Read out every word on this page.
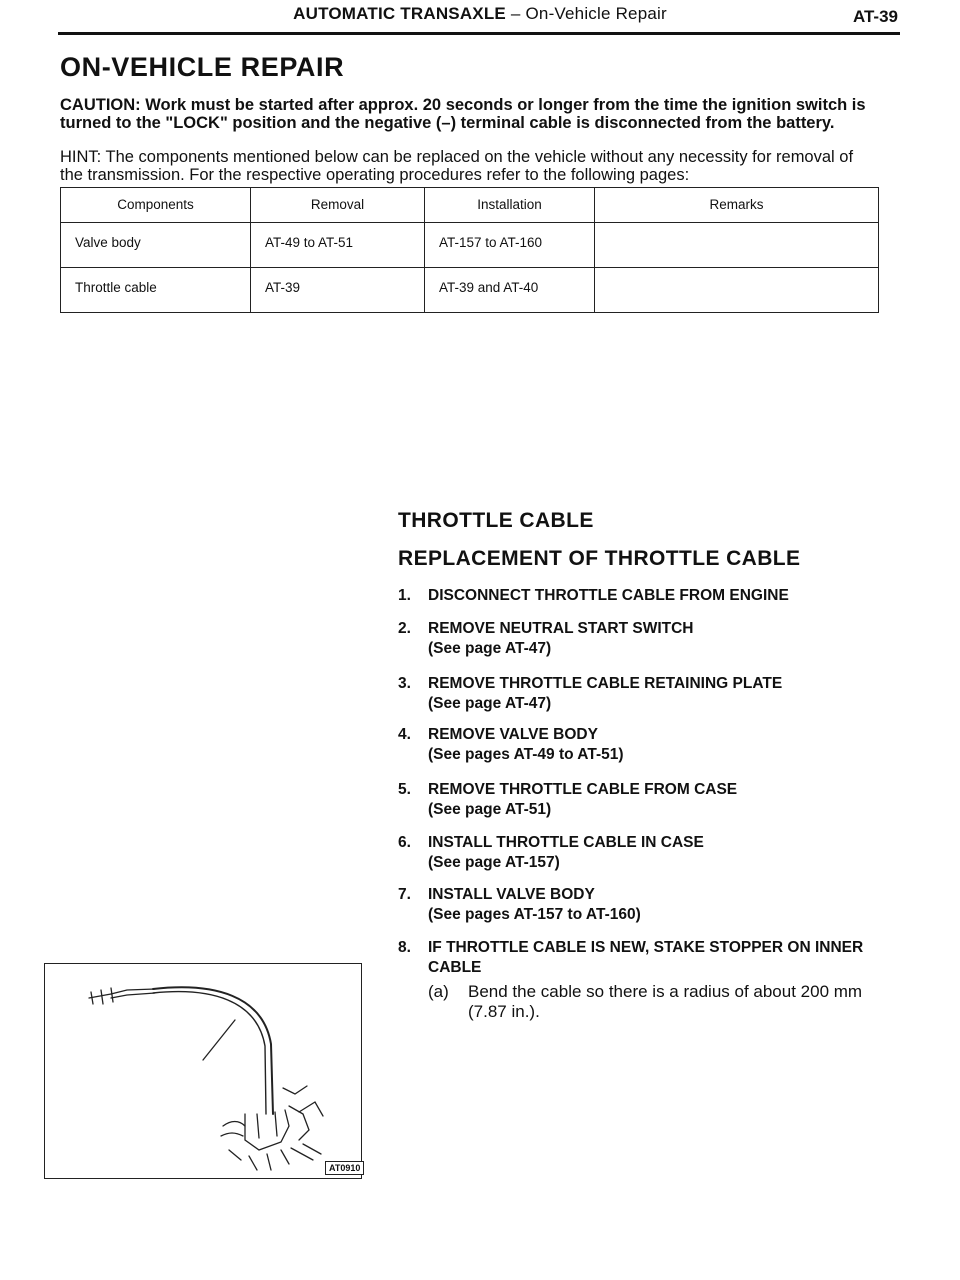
AUTOMATIC TRANSAXLE – On-Vehicle Repair	AT-39
ON-VEHICLE REPAIR
CAUTION: Work must be started after approx. 20 seconds or longer from the time the ignition switch is turned to the "LOCK" position and the negative (–) terminal cable is disconnected from the battery.
HINT: The components mentioned below can be replaced on the vehicle without any necessity for removal of the transmission. For the respective operating procedures refer to the following pages:
Components	Removal	Installation	Remarks
Valve body	AT-49 to AT-51	AT-157 to AT-160	
Throttle cable	AT-39	AT-39 and AT-40	
THROTTLE CABLE
REPLACEMENT OF THROTTLE CABLE
1. DISCONNECT THROTTLE CABLE FROM ENGINE
2. REMOVE NEUTRAL START SWITCH
(See page AT-47)
3. REMOVE THROTTLE CABLE RETAINING PLATE
(See page AT-47)
4. REMOVE VALVE BODY
(See pages AT-49 to AT-51)
5. REMOVE THROTTLE CABLE FROM CASE
(See page AT-51)
6. INSTALL THROTTLE CABLE IN CASE
(See page AT-157)
7. INSTALL VALVE BODY
(See pages AT-157 to AT-160)
8. IF THROTTLE CABLE IS NEW, STAKE STOPPER ON INNER CABLE
(a) Bend the cable so there is a radius of about 200 mm (7.87 in.).
AT0910
